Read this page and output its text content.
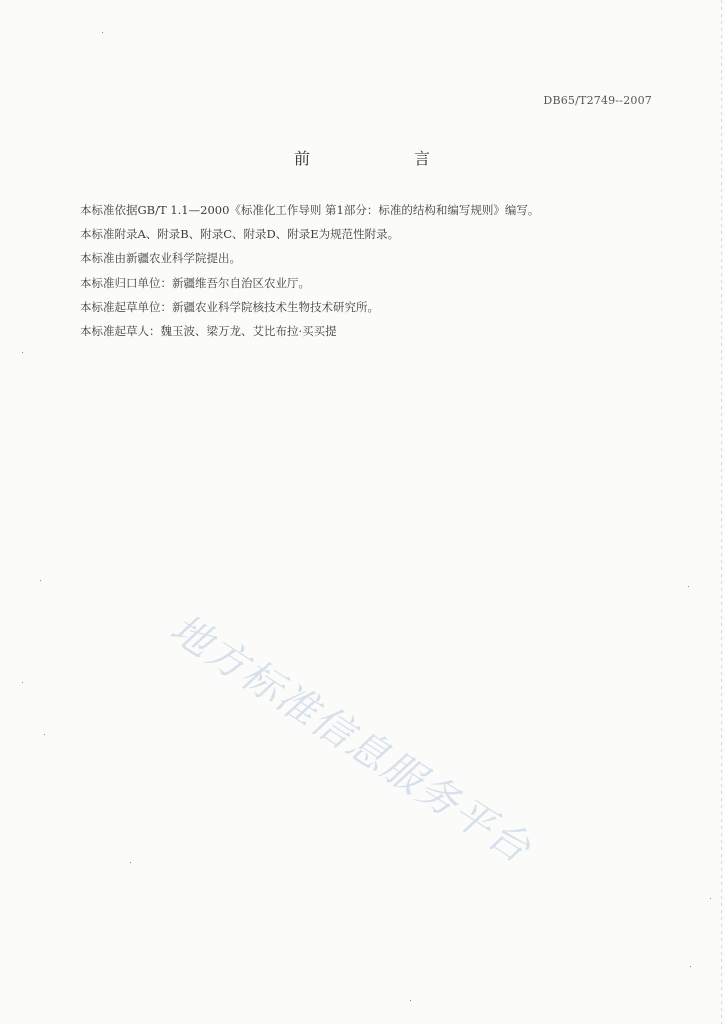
DB65/T2749--2007
前　言
本标准依据GB/T 1.1—2000《标准化工作导则 第1部分：标准的结构和编写规则》编写。
本标准附录A、附录B、附录C、附录D、附录E为规范性附录。
本标准由新疆农业科学院提出。
本标准归口单位：新疆维吾尔自治区农业厅。
本标准起草单位：新疆农业科学院核技术生物技术研究所。
本标准起草人：魏玉波、梁万龙、艾比布拉·买买提
地方标准信息服务平台
